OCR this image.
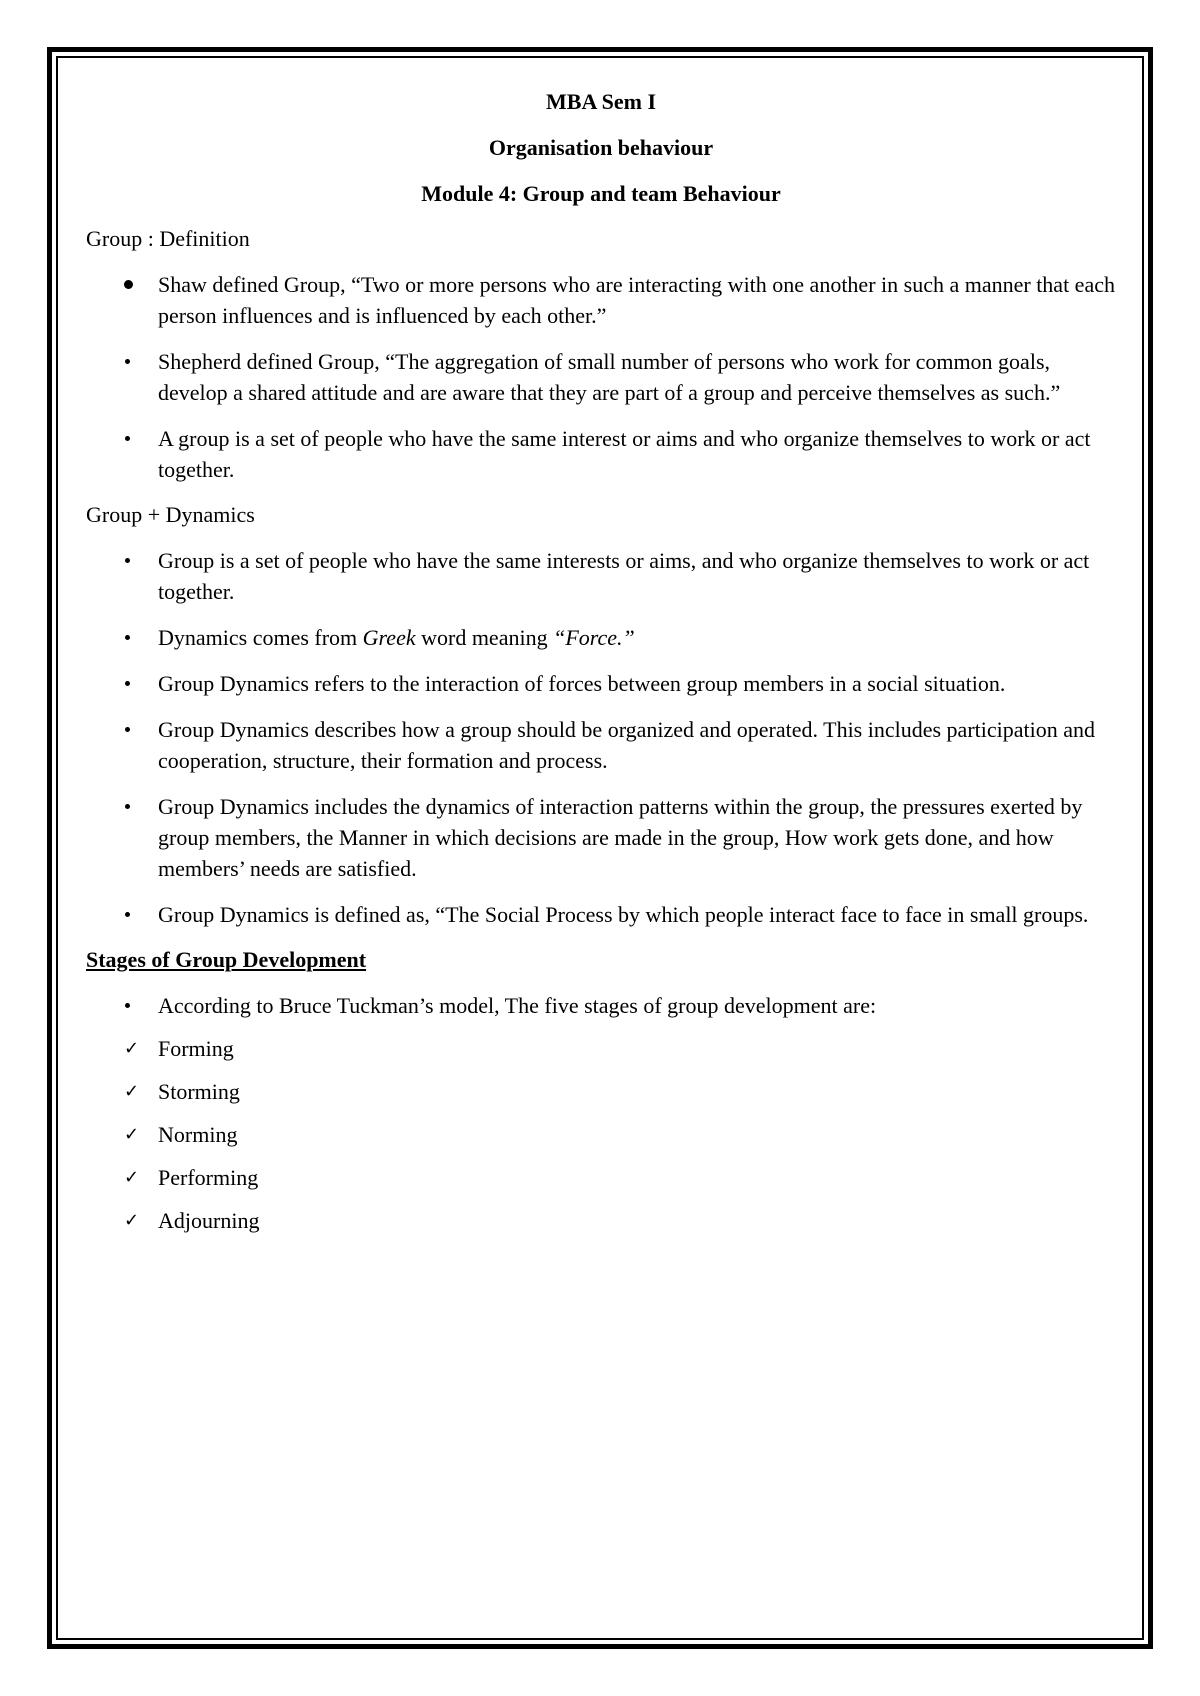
MBA Sem I

Organisation behaviour

Module 4: Group and team Behaviour

Group : Definition

Shaw defined Group, “Two or more persons who are interacting with one another in such a manner that each person influences and is influenced by each other.”
Shepherd defined Group, “The aggregation of small number of persons who work for common goals, develop a shared attitude and are aware that they are part of a group and perceive themselves as such.”
A group is a set of people who have the same interest or aims and who organize themselves to work or act together.

Group + Dynamics

Group is a set of people who have the same interests or aims, and who organize themselves to work or act together.
Dynamics comes from Greek word meaning “Force.”
Group Dynamics refers to the interaction of forces between group members in a social situation.
Group Dynamics describes how a group should be organized and operated. This includes participation and cooperation, structure, their formation and process.
Group Dynamics includes the dynamics of interaction patterns within the group, the pressures exerted by group members, the Manner in which decisions are made in the group, How work gets done, and how members’ needs are satisfied.
Group Dynamics is defined as, “The Social Process by which people interact face to face in small groups.

Stages of Group Development

According to Bruce Tuckman’s model, The five stages of group development are:
✓ Forming
✓ Storming
✓ Norming
✓ Performing
✓ Adjourning
